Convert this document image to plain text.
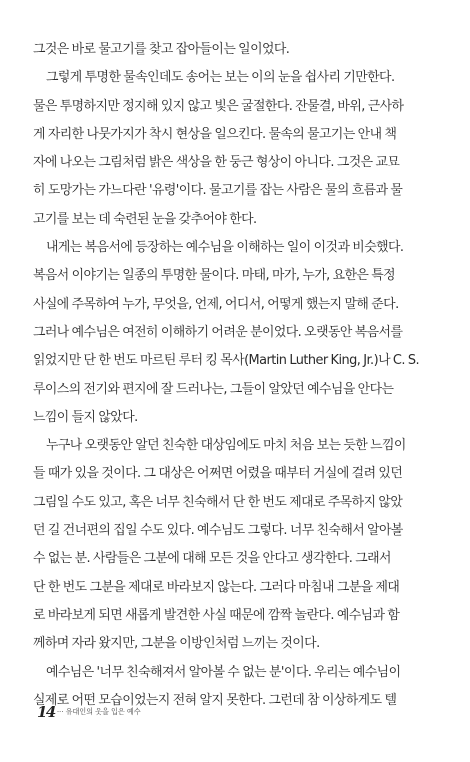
그것은 바로 물고기를 찾고 잡아들이는 일이었다.
그렇게 투명한 물속인데도 송어는 보는 이의 눈을 쉽사리 기만한다.
물은 투명하지만 정지해 있지 않고 빛은 굴절한다. 잔물결, 바위, 근사하
게 자리한 나뭇가지가 착시 현상을 일으킨다. 물속의 물고기는 안내 책
자에 나오는 그림처럼 밝은 색상을 한 둥근 형상이 아니다. 그것은 교묘
히 도망가는 가느다란 '유령'이다. 물고기를 잡는 사람은 물의 흐름과 물
고기를 보는 데 숙련된 눈을 갖추어야 한다.
내게는 복음서에 등장하는 예수님을 이해하는 일이 이것과 비슷했다.
복음서 이야기는 일종의 투명한 물이다. 마태, 마가, 누가, 요한은 특정
사실에 주목하여 누가, 무엇을, 언제, 어디서, 어떻게 했는지 말해 준다.
그러나 예수님은 여전히 이해하기 어려운 분이었다. 오랫동안 복음서를
읽었지만 단 한 번도 마르틴 루터 킹 목사(Martin Luther King, Jr.)나 C. S.
루이스의 전기와 편지에 잘 드러나는, 그들이 알았던 예수님을 안다는
느낌이 들지 않았다.
누구나 오랫동안 알던 친숙한 대상임에도 마치 처음 보는 듯한 느낌이
들 때가 있을 것이다. 그 대상은 어쩌면 어렸을 때부터 거실에 걸려 있던
그림일 수도 있고, 혹은 너무 친숙해서 단 한 번도 제대로 주목하지 않았
던 길 건너편의 집일 수도 있다. 예수님도 그렇다. 너무 친숙해서 알아볼
수 없는 분. 사람들은 그분에 대해 모든 것을 안다고 생각한다. 그래서
단 한 번도 그분을 제대로 바라보지 않는다. 그러다 마침내 그분을 제대
로 바라보게 되면 새롭게 발견한 사실 때문에 깜짝 놀란다. 예수님과 함
께하며 자라 왔지만, 그분을 이방인처럼 느끼는 것이다.
예수님은 '너무 친숙해져서 알아볼 수 없는 분'이다. 우리는 예수님이
실제로 어떤 모습이었는지 전혀 알지 못한다. 그런데 참 이상하게도 텔
14 ··· 유대인의 옷을 입은 예수
